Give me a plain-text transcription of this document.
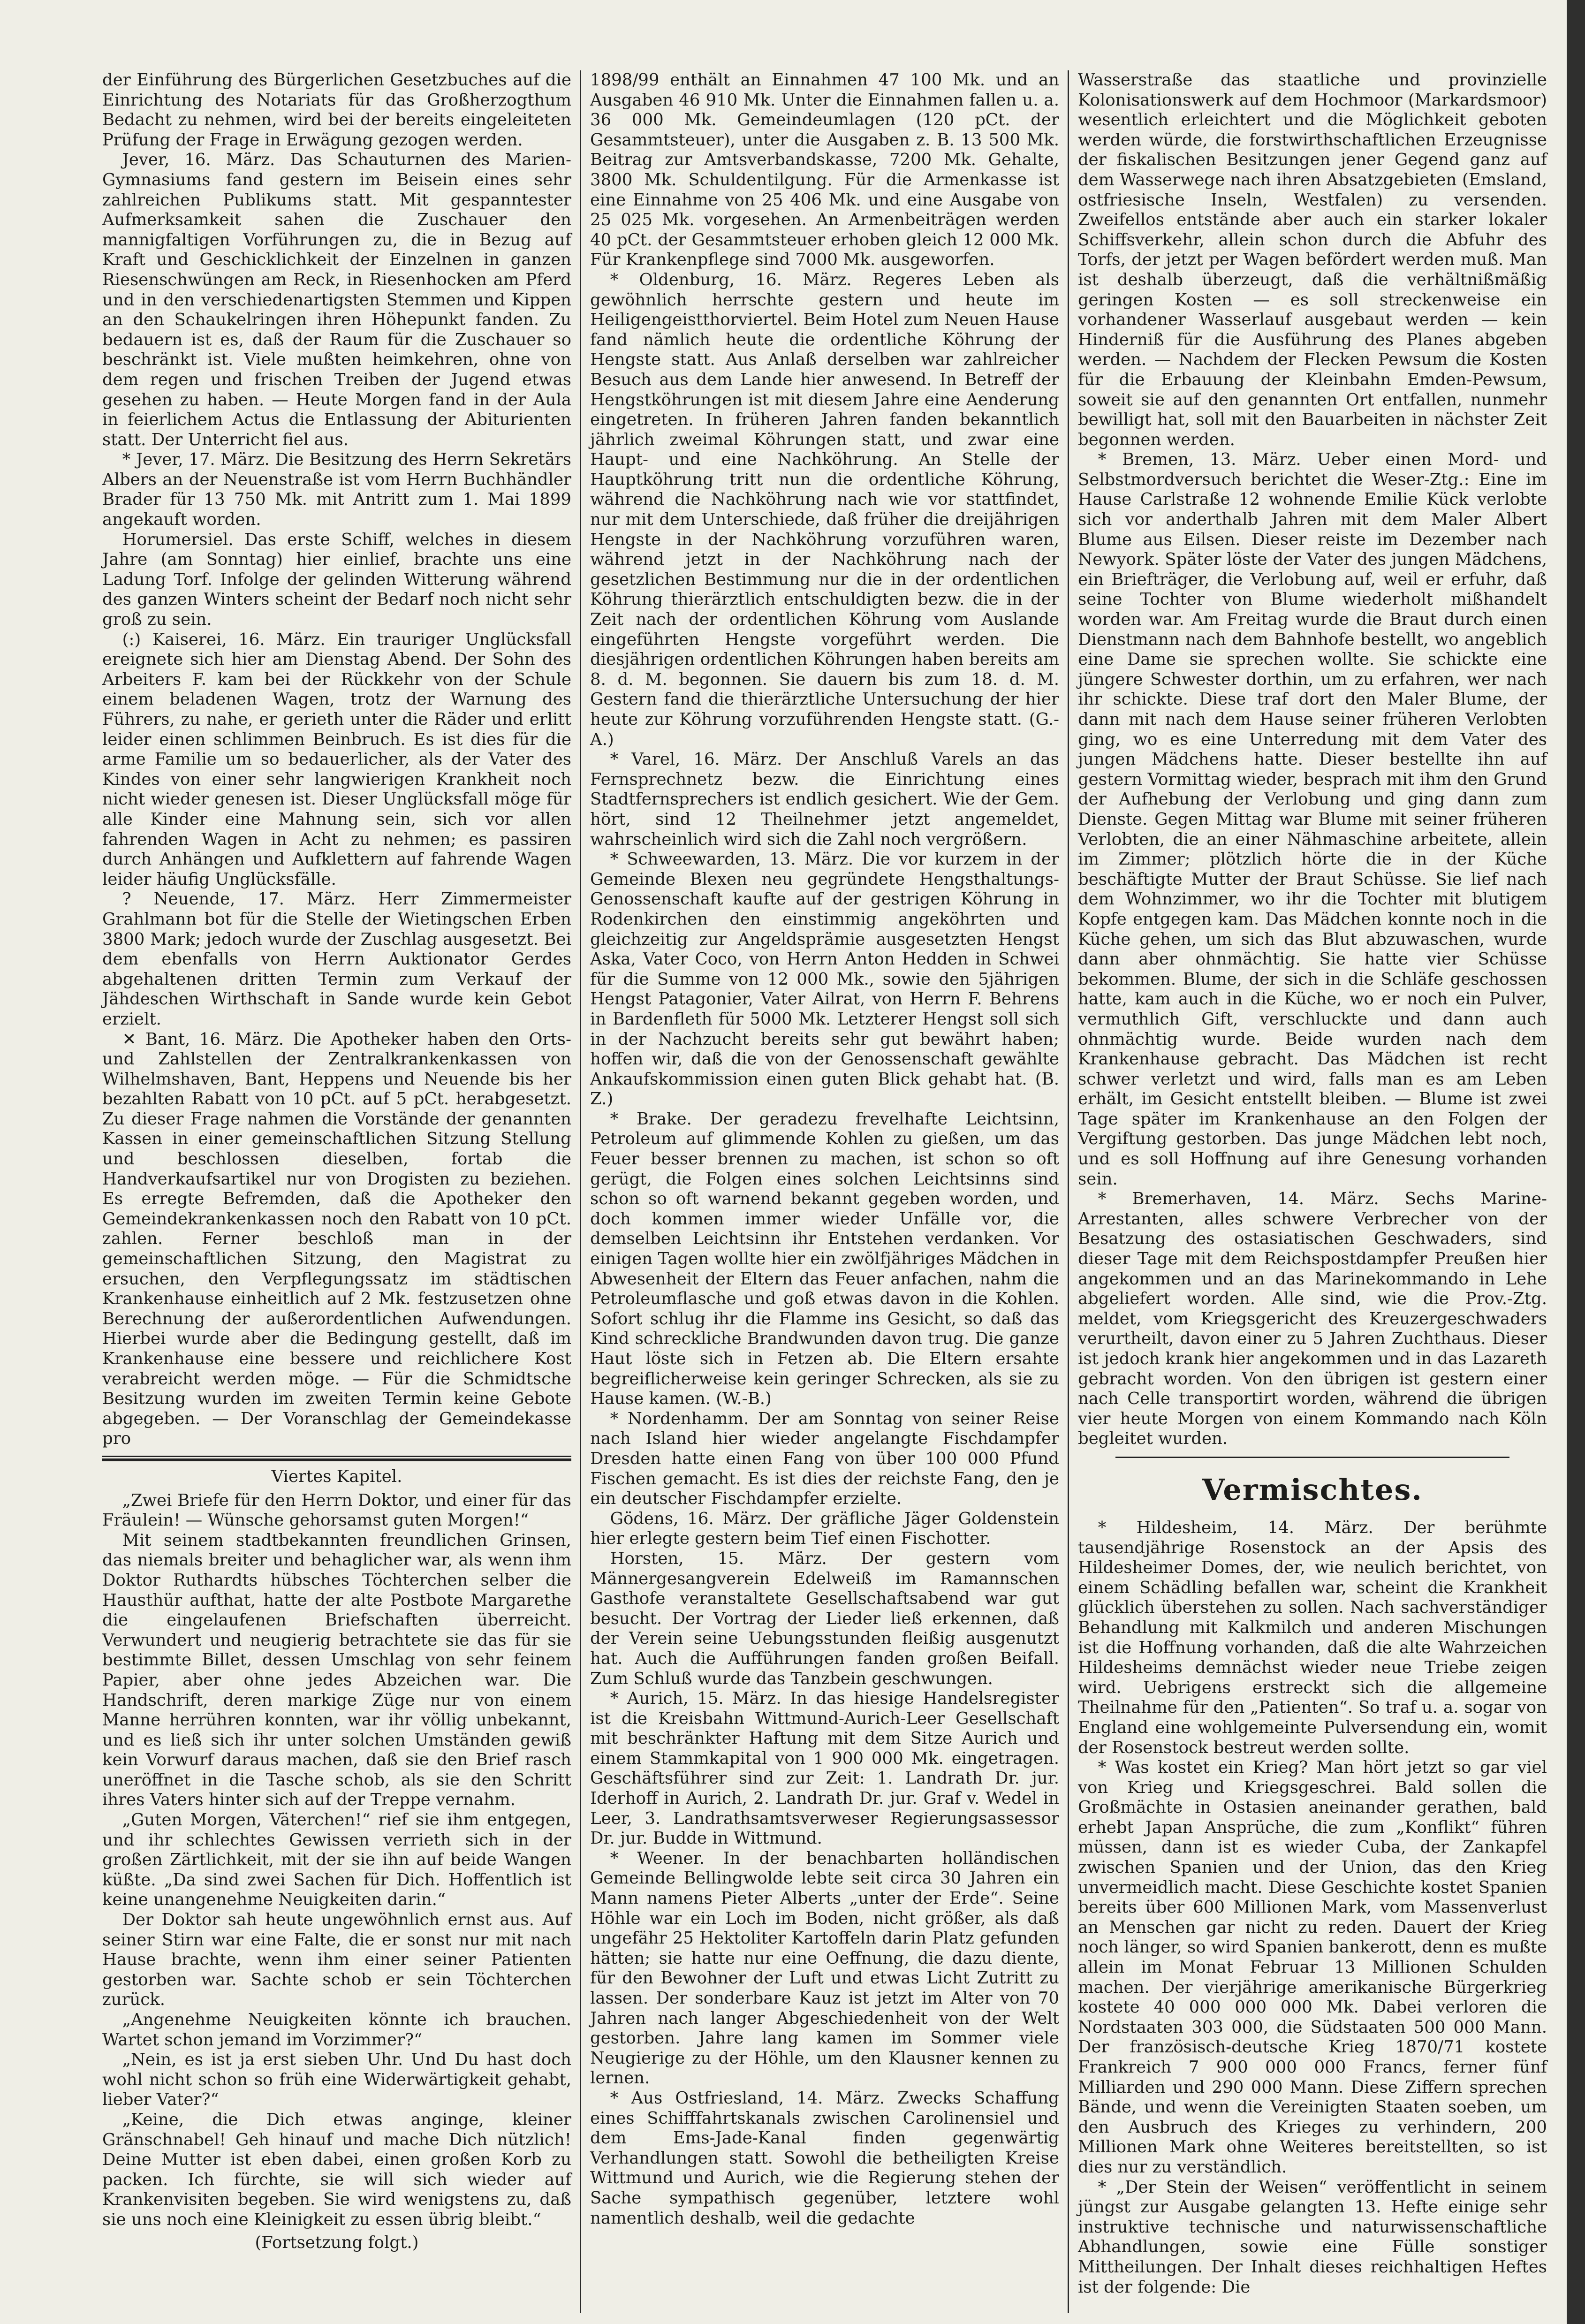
der Einführung des Bürgerlichen Gesetzbuches auf die Einrichtung des Notariats für das Großherzogthum Bedacht zu nehmen, wird bei der bereits eingeleiteten Prüfung der Frage in Erwägung gezogen werden.

Jever, 16. März. Das Schauturnen des Marien-Gymnasiums fand gestern im Beisein eines sehr zahlreichen Publikums statt. Mit gespanntester Aufmerksamkeit sahen die Zuschauer den mannigfaltigen Vorführungen zu, die in Bezug auf Kraft und Geschicklichkeit der Einzelnen in ganzen Riesenschwüngen am Reck, in Riesenhocken am Pferd und in den verschiedenartigsten Stemmen und Kippen an den Schaukelringen ihren Höhepunkt fanden. Zu bedauern ist es, daß der Raum für die Zuschauer so beschränkt ist. Viele mußten heimkehren, ohne von dem regen und frischen Treiben der Jugend etwas gesehen zu haben. — Heute Morgen fand in der Aula in feierlichem Actus die Entlassung der Abiturienten statt. Der Unterricht fiel aus.

* Jever, 17. März. Die Besitzung des Herrn Sekretärs Albers an der Neuenstraße ist vom Herrn Buchhändler Brader für 13 750 Mk. mit Antritt zum 1. Mai 1899 angekauft worden.

Horumersiel. Das erste Schiff, welches in diesem Jahre (am Sonntag) hier einlief, brachte uns eine Ladung Torf. Infolge der gelinden Witterung während des ganzen Winters scheint der Bedarf noch nicht sehr groß zu sein.

(:) Kaiserei, 16. März. Ein trauriger Unglücksfall ereignete sich hier am Dienstag Abend. Der Sohn des Arbeiters F. kam bei der Rückkehr von der Schule einem beladenen Wagen, trotz der Warnung des Führers, zu nahe, er gerieth unter die Räder und erlitt leider einen schlimmen Beinbruch. Es ist dies für die arme Familie um so bedauerlicher, als der Vater des Kindes von einer sehr langwierigen Krankheit noch nicht wieder genesen ist. Dieser Unglücksfall möge für alle Kinder eine Mahnung sein, sich vor allen fahrenden Wagen in Acht zu nehmen; es passiren durch Anhängen und Aufklettern auf fahrende Wagen leider häufig Unglücksfälle.

? Neuende, 17. März. Herr Zimmermeister Grahlmann bot für die Stelle der Wietingschen Erben 3800 Mark; jedoch wurde der Zuschlag ausgesetzt. Bei dem ebenfalls von Herrn Auktionator Gerdes abgehaltenen dritten Termin zum Verkauf der Jähdeschen Wirthschaft in Sande wurde kein Gebot erzielt.

✕ Bant, 16. März. Die Apotheker haben den Orts- und Zahlstellen der Zentralkrankenkassen von Wilhelmshaven, Bant, Heppens und Neuende bis her bezahlten Rabatt von 10 pCt. auf 5 pCt. herabgesetzt. Zu dieser Frage nahmen die Vorstände der genannten Kassen in einer gemeinschaftlichen Sitzung Stellung und beschlossen dieselben, fortab die Handverkaufsartikel nur von Drogisten zu beziehen. Es erregte Befremden, daß die Apotheker den Gemeindekrankenkassen noch den Rabatt von 10 pCt. zahlen. Ferner beschloß man in der gemeinschaftlichen Sitzung, den Magistrat zu ersuchen, den Verpflegungssatz im städtischen Krankenhause einheitlich auf 2 Mk. festzusetzen ohne Berechnung der außerordentlichen Aufwendungen. Hierbei wurde aber die Bedingung gestellt, daß im Krankenhause eine bessere und reichlichere Kost verabreicht werden möge. — Für die Schmidtsche Besitzung wurden im zweiten Termin keine Gebote abgegeben. — Der Voranschlag der Gemeindekasse pro

Viertes Kapitel.

„Zwei Briefe für den Herrn Doktor, und einer für das Fräulein! — Wünsche gehorsamst guten Morgen!“

Mit seinem stadtbekannten freundlichen Grinsen, das niemals breiter und behaglicher war, als wenn ihm Doktor Ruthardts hübsches Töchterchen selber die Hausthür aufthat, hatte der alte Postbote Margarethe die eingelaufenen Briefschaften überreicht. Verwundert und neugierig betrachtete sie das für sie bestimmte Billet, dessen Umschlag von sehr feinem Papier, aber ohne jedes Abzeichen war. Die Handschrift, deren markige Züge nur von einem Manne herrühren konnten, war ihr völlig unbekannt, und es ließ sich ihr unter solchen Umständen gewiß kein Vorwurf daraus machen, daß sie den Brief rasch uneröffnet in die Tasche schob, als sie den Schritt ihres Vaters hinter sich auf der Treppe vernahm.

„Guten Morgen, Väterchen!“ rief sie ihm entgegen, und ihr schlechtes Gewissen verrieth sich in der großen Zärtlichkeit, mit der sie ihn auf beide Wangen küßte. „Da sind zwei Sachen für Dich. Hoffentlich ist keine unangenehme Neuigkeiten darin.“

Der Doktor sah heute ungewöhnlich ernst aus. Auf seiner Stirn war eine Falte, die er sonst nur mit nach Hause brachte, wenn ihm einer seiner Patienten gestorben war. Sachte schob er sein Töchterchen zurück.

„Angenehme Neuigkeiten könnte ich brauchen. Wartet schon jemand im Vorzimmer?“

„Nein, es ist ja erst sieben Uhr. Und Du hast doch wohl nicht schon so früh eine Widerwärtigkeit gehabt, lieber Vater?“

„Keine, die Dich etwas anginge, kleiner Gränschnabel! Geh hinauf und mache Dich nützlich! Deine Mutter ist eben dabei, einen großen Korb zu packen. Ich fürchte, sie will sich wieder auf Krankenvisiten begeben. Sie wird wenigstens zu, daß sie uns noch eine Kleinigkeit zu essen übrig bleibt.“

(Fortsetzung folgt.)

1898/99 enthält an Einnahmen 47 100 Mk. und an Ausgaben 46 910 Mk. Unter die Einnahmen fallen u. a. 36 000 Mk. Gemeindeumlagen (120 pCt. der Gesammtsteuer), unter die Ausgaben z. B. 13 500 Mk. Beitrag zur Amtsverbandskasse, 7200 Mk. Gehalte, 3800 Mk. Schuldentilgung. Für die Armenkasse ist eine Einnahme von 25 406 Mk. und eine Ausgabe von 25 025 Mk. vorgesehen. An Armenbeiträgen werden 40 pCt. der Gesammtsteuer erhoben gleich 12 000 Mk. Für Krankenpflege sind 7000 Mk. ausgeworfen.

* Oldenburg, 16. März. Regeres Leben als gewöhnlich herrschte gestern und heute im Heiligengeistthorviertel. Beim Hotel zum Neuen Hause fand nämlich heute die ordentliche Köhrung der Hengste statt. Aus Anlaß derselben war zahlreicher Besuch aus dem Lande hier anwesend. In Betreff der Hengstköhrungen ist mit diesem Jahre eine Aenderung eingetreten. In früheren Jahren fanden bekanntlich jährlich zweimal Köhrungen statt, und zwar eine Haupt- und eine Nachköhrung. An Stelle der Hauptköhrung tritt nun die ordentliche Köhrung, während die Nachköhrung nach wie vor stattfindet, nur mit dem Unterschiede, daß früher die dreijährigen Hengste in der Nachköhrung vorzuführen waren, während jetzt in der Nachköhrung nach der gesetzlichen Bestimmung nur die in der ordentlichen Köhrung thierärztlich entschuldigten bezw. die in der Zeit nach der ordentlichen Köhrung vom Auslande eingeführten Hengste vorgeführt werden. Die diesjährigen ordentlichen Köhrungen haben bereits am 8. d. M. begonnen. Sie dauern bis zum 18. d. M. Gestern fand die thierärztliche Untersuchung der hier heute zur Köhrung vorzuführenden Hengste statt. (G.-A.)

* Varel, 16. März. Der Anschluß Varels an das Fernsprechnetz bezw. die Einrichtung eines Stadtfernsprechers ist endlich gesichert. Wie der Gem. hört, sind 12 Theilnehmer jetzt angemeldet, wahrscheinlich wird sich die Zahl noch vergrößern.

* Schweewarden, 13. März. Die vor kurzem in der Gemeinde Blexen neu gegründete Hengsthaltungs-Genossenschaft kaufte auf der gestrigen Köhrung in Rodenkirchen den einstimmig angeköhrten und gleichzeitig zur Angeldsprämie ausgesetzten Hengst Aska, Vater Coco, von Herrn Anton Hedden in Schwei für die Summe von 12 000 Mk., sowie den 5jährigen Hengst Patagonier, Vater Ailrat, von Herrn F. Behrens in Bardenfleth für 5000 Mk. Letzterer Hengst soll sich in der Nachzucht bereits sehr gut bewährt haben; hoffen wir, daß die von der Genossenschaft gewählte Ankaufskommission einen guten Blick gehabt hat. (B. Z.)

* Brake. Der geradezu frevelhafte Leichtsinn, Petroleum auf glimmende Kohlen zu gießen, um das Feuer besser brennen zu machen, ist schon so oft gerügt, die Folgen eines solchen Leichtsinns sind schon so oft warnend bekannt gegeben worden, und doch kommen immer wieder Unfälle vor, die demselben Leichtsinn ihr Entstehen verdanken. Vor einigen Tagen wollte hier ein zwölfjähriges Mädchen in Abwesenheit der Eltern das Feuer anfachen, nahm die Petroleumflasche und goß etwas davon in die Kohlen. Sofort schlug ihr die Flamme ins Gesicht, so daß das Kind schreckliche Brandwunden davon trug. Die ganze Haut löste sich in Fetzen ab. Die Eltern ersahte begreiflicherweise kein geringer Schrecken, als sie zu Hause kamen. (W.-B.)

* Nordenhamm. Der am Sonntag von seiner Reise nach Island hier wieder angelangte Fischdampfer Dresden hatte einen Fang von über 100 000 Pfund Fischen gemacht. Es ist dies der reichste Fang, den je ein deutscher Fischdampfer erzielte.

Gödens, 16. März. Der gräfliche Jäger Goldenstein hier erlegte gestern beim Tief einen Fischotter.

Horsten, 15. März. Der gestern vom Männergesangverein Edelweiß im Ramannschen Gasthofe veranstaltete Gesellschaftsabend war gut besucht. Der Vortrag der Lieder ließ erkennen, daß der Verein seine Uebungsstunden fleißig ausgenutzt hat. Auch die Aufführungen fanden großen Beifall. Zum Schluß wurde das Tanzbein geschwungen.

* Aurich, 15. März. In das hiesige Handelsregister ist die Kreisbahn Wittmund-Aurich-Leer Gesellschaft mit beschränkter Haftung mit dem Sitze Aurich und einem Stammkapital von 1 900 000 Mk. eingetragen. Geschäftsführer sind zur Zeit: 1. Landrath Dr. jur. Iderhoff in Aurich, 2. Landrath Dr. jur. Graf v. Wedel in Leer, 3. Landrathsamtsverweser Regierungsassessor Dr. jur. Budde in Wittmund.

* Weener. In der benachbarten holländischen Gemeinde Bellingwolde lebte seit circa 30 Jahren ein Mann namens Pieter Alberts „unter der Erde“. Seine Höhle war ein Loch im Boden, nicht größer, als daß ungefähr 25 Hektoliter Kartoffeln darin Platz gefunden hätten; sie hatte nur eine Oeffnung, die dazu diente, für den Bewohner der Luft und etwas Licht Zutritt zu lassen. Der sonderbare Kauz ist jetzt im Alter von 70 Jahren nach langer Abgeschiedenheit von der Welt gestorben. Jahre lang kamen im Sommer viele Neugierige zu der Höhle, um den Klausner kennen zu lernen.

* Aus Ostfriesland, 14. März. Zwecks Schaffung eines Schifffahrtskanals zwischen Carolinensiel und dem Ems-Jade-Kanal finden gegenwärtig Verhandlungen statt. Sowohl die betheiligten Kreise Wittmund und Aurich, wie die Regierung stehen der Sache sympathisch gegenüber, letztere wohl namentlich deshalb, weil die gedachte

Wasserstraße das staatliche und provinzielle Kolonisationswerk auf dem Hochmoor (Markardsmoor) wesentlich erleichtert und die Möglichkeit geboten werden würde, die forstwirthschaftlichen Erzeugnisse der fiskalischen Besitzungen jener Gegend ganz auf dem Wasserwege nach ihren Absatzgebieten (Emsland, ostfriesische Inseln, Westfalen) zu versenden. Zweifellos entstände aber auch ein starker lokaler Schiffsverkehr, allein schon durch die Abfuhr des Torfs, der jetzt per Wagen befördert werden muß. Man ist deshalb überzeugt, daß die verhältnißmäßig geringen Kosten — es soll streckenweise ein vorhandener Wasserlauf ausgebaut werden — kein Hinderniß für die Ausführung des Planes abgeben werden. — Nachdem der Flecken Pewsum die Kosten für die Erbauung der Kleinbahn Emden-Pewsum, soweit sie auf den genannten Ort entfallen, nunmehr bewilligt hat, soll mit den Bauarbeiten in nächster Zeit begonnen werden.

* Bremen, 13. März. Ueber einen Mord- und Selbstmordversuch berichtet die Weser-Ztg.: Eine im Hause Carlstraße 12 wohnende Emilie Kück verlobte sich vor anderthalb Jahren mit dem Maler Albert Blume aus Eilsen. Dieser reiste im Dezember nach Newyork. Später löste der Vater des jungen Mädchens, ein Briefträger, die Verlobung auf, weil er erfuhr, daß seine Tochter von Blume wiederholt mißhandelt worden war. Am Freitag wurde die Braut durch einen Dienstmann nach dem Bahnhofe bestellt, wo angeblich eine Dame sie sprechen wollte. Sie schickte eine jüngere Schwester dorthin, um zu erfahren, wer nach ihr schickte. Diese traf dort den Maler Blume, der dann mit nach dem Hause seiner früheren Verlobten ging, wo es eine Unterredung mit dem Vater des jungen Mädchens hatte. Dieser bestellte ihn auf gestern Vormittag wieder, besprach mit ihm den Grund der Aufhebung der Verlobung und ging dann zum Dienste. Gegen Mittag war Blume mit seiner früheren Verlobten, die an einer Nähmaschine arbeitete, allein im Zimmer; plötzlich hörte die in der Küche beschäftigte Mutter der Braut Schüsse. Sie lief nach dem Wohnzimmer, wo ihr die Tochter mit blutigem Kopfe entgegen kam. Das Mädchen konnte noch in die Küche gehen, um sich das Blut abzuwaschen, wurde dann aber ohnmächtig. Sie hatte vier Schüsse bekommen. Blume, der sich in die Schläfe geschossen hatte, kam auch in die Küche, wo er noch ein Pulver, vermuthlich Gift, verschluckte und dann auch ohnmächtig wurde. Beide wurden nach dem Krankenhause gebracht. Das Mädchen ist recht schwer verletzt und wird, falls man es am Leben erhält, im Gesicht entstellt bleiben. — Blume ist zwei Tage später im Krankenhause an den Folgen der Vergiftung gestorben. Das junge Mädchen lebt noch, und es soll Hoffnung auf ihre Genesung vorhanden sein.

* Bremerhaven, 14. März. Sechs Marine-Arrestanten, alles schwere Verbrecher von der Besatzung des ostasiatischen Geschwaders, sind dieser Tage mit dem Reichspostdampfer Preußen hier angekommen und an das Marinekommando in Lehe abgeliefert worden. Alle sind, wie die Prov.-Ztg. meldet, vom Kriegsgericht des Kreuzergeschwaders verurtheilt, davon einer zu 5 Jahren Zuchthaus. Dieser ist jedoch krank hier angekommen und in das Lazareth gebracht worden. Von den übrigen ist gestern einer nach Celle transportirt worden, während die übrigen vier heute Morgen von einem Kommando nach Köln begleitet wurden.

Vermischtes.

* Hildesheim, 14. März. Der berühmte tausendjährige Rosenstock an der Apsis des Hildesheimer Domes, der, wie neulich berichtet, von einem Schädling befallen war, scheint die Krankheit glücklich überstehen zu sollen. Nach sachverständiger Behandlung mit Kalkmilch und anderen Mischungen ist die Hoffnung vorhanden, daß die alte Wahrzeichen Hildesheims demnächst wieder neue Triebe zeigen wird. Uebrigens erstreckt sich die allgemeine Theilnahme für den „Patienten“. So traf u. a. sogar von England eine wohlgemeinte Pulversendung ein, womit der Rosenstock bestreut werden sollte.

* Was kostet ein Krieg? Man hört jetzt so gar viel von Krieg und Kriegsgeschrei. Bald sollen die Großmächte in Ostasien aneinander gerathen, bald erhebt Japan Ansprüche, die zum „Konflikt“ führen müssen, dann ist es wieder Cuba, der Zankapfel zwischen Spanien und der Union, das den Krieg unvermeidlich macht. Diese Geschichte kostet Spanien bereits über 600 Millionen Mark, vom Massenverlust an Menschen gar nicht zu reden. Dauert der Krieg noch länger, so wird Spanien bankerott, denn es mußte allein im Monat Februar 13 Millionen Schulden machen. Der vierjährige amerikanische Bürgerkrieg kostete 40 000 000 000 Mk. Dabei verloren die Nordstaaten 303 000, die Südstaaten 500 000 Mann. Der französisch-deutsche Krieg 1870/71 kostete Frankreich 7 900 000 000 Francs, ferner fünf Milliarden und 290 000 Mann. Diese Ziffern sprechen Bände, und wenn die Vereinigten Staaten soeben, um den Ausbruch des Krieges zu verhindern, 200 Millionen Mark ohne Weiteres bereitstellten, so ist dies nur zu verständlich.

* „Der Stein der Weisen“ veröffentlicht in seinem jüngst zur Ausgabe gelangten 13. Hefte einige sehr instruktive technische und naturwissenschaftliche Abhandlungen, sowie eine Fülle sonstiger Mittheilungen. Der Inhalt dieses reichhaltigen Heftes ist der folgende: Die
